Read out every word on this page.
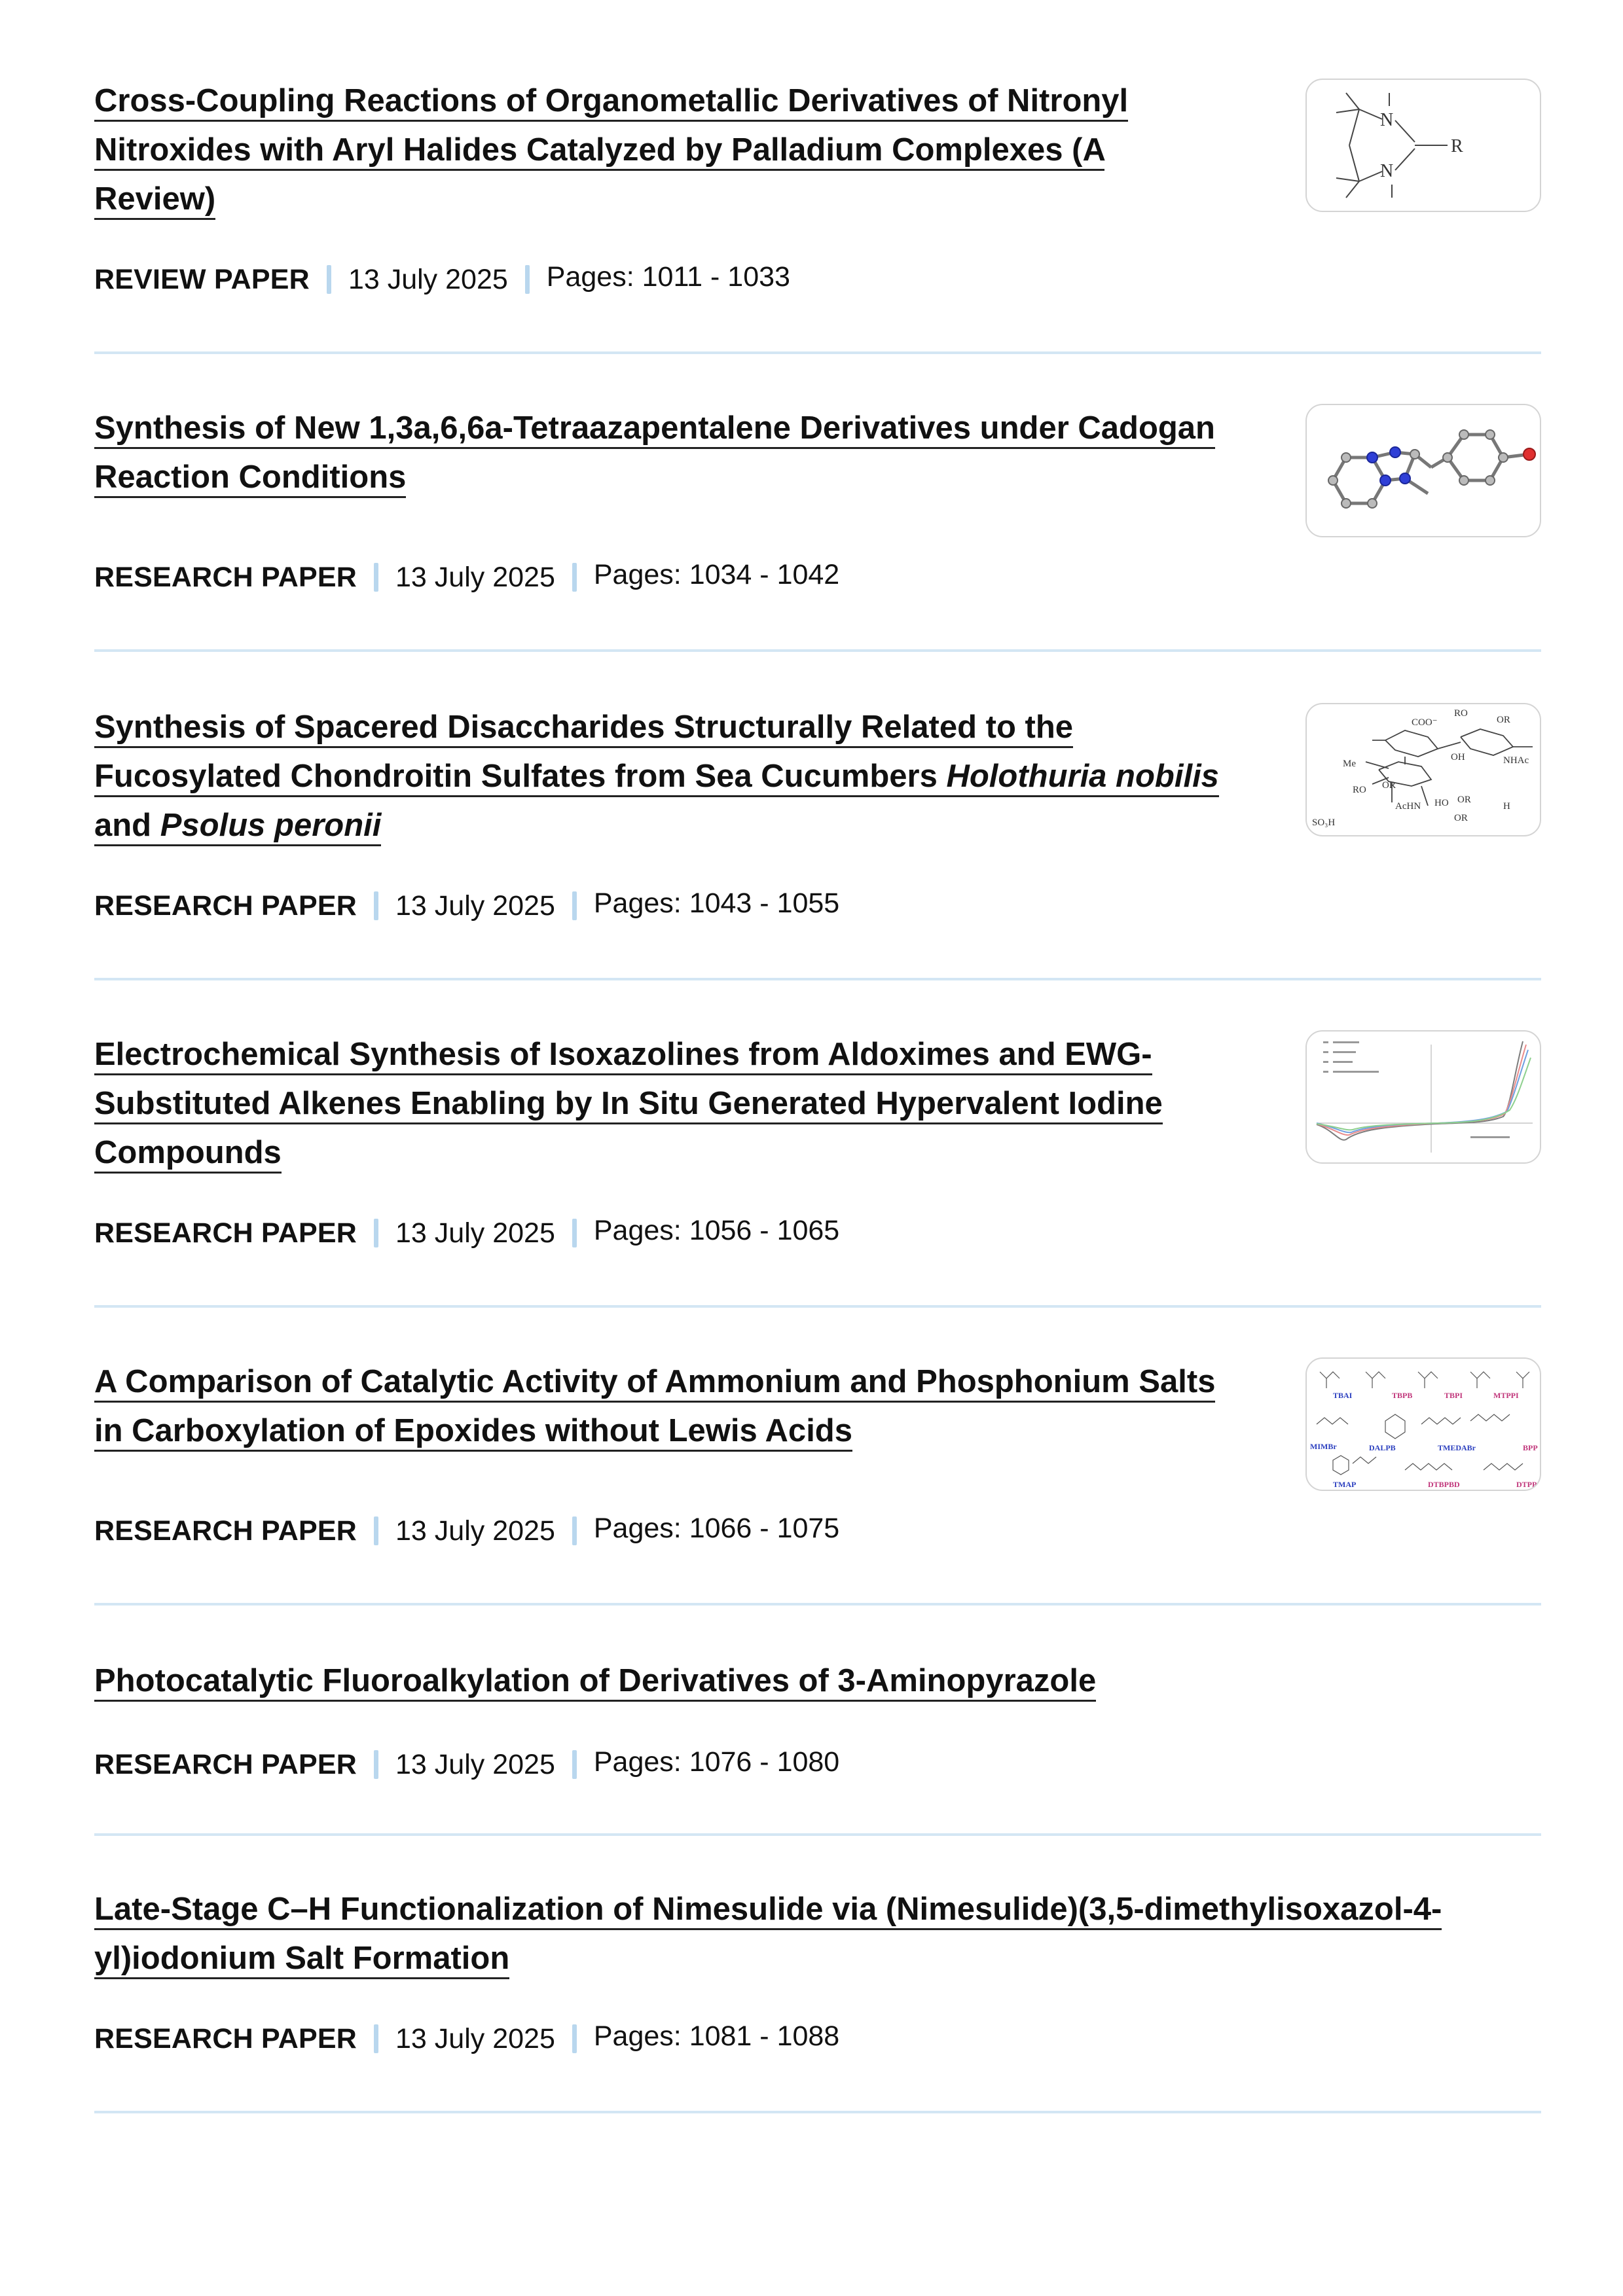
Cross-Coupling Reactions of Organometallic Derivatives of Nitronyl Nitroxides with Aryl Halides Catalyzed by Palladium Complexes (A Review)
N
N
R
REVIEW PAPER 13 July 2025 Pages: 1011 - 1033
Synthesis of New 1,3a,6,6a-Tetraazapentalene Derivatives under Cadogan Reaction Conditions
RESEARCH PAPER 13 July 2025 Pages: 1034 - 1042
Synthesis of Spacered Disaccharides Structurally Related to the Fucosylated Chondroitin Sulfates from Sea Cucumbers Holothuria nobilis and Psolus peronii
COO⁻
RO
OR
NHAc
OH
Me
RO OR
AcHN HO OR
OR
H
SO₃H
RESEARCH PAPER 13 July 2025 Pages: 1043 - 1055
Electrochemical Synthesis of Isoxazolines from Aldoximes and EWG-Substituted Alkenes Enabling by In Situ Generated Hypervalent Iodine Compounds
RESEARCH PAPER 13 July 2025 Pages: 1056 - 1065
A Comparison of Catalytic Activity of Ammonium and Phosphonium Salts in Carboxylation of Epoxides without Lewis Acids
TBAI	TBPB	TBPI	MTPPI
MIMBr	DALPB	TMEDABr	BPP
TMAP	DTBPBD	DTPP
RESEARCH PAPER 13 July 2025 Pages: 1066 - 1075
Photocatalytic Fluoroalkylation of Derivatives of 3-Aminopyrazole
RESEARCH PAPER 13 July 2025 Pages: 1076 - 1080
Late-Stage C–H Functionalization of Nimesulide via (Nimesulide)(3,5-dimethylisoxazol-4-yl)iodonium Salt Formation
RESEARCH PAPER 13 July 2025 Pages: 1081 - 1088
